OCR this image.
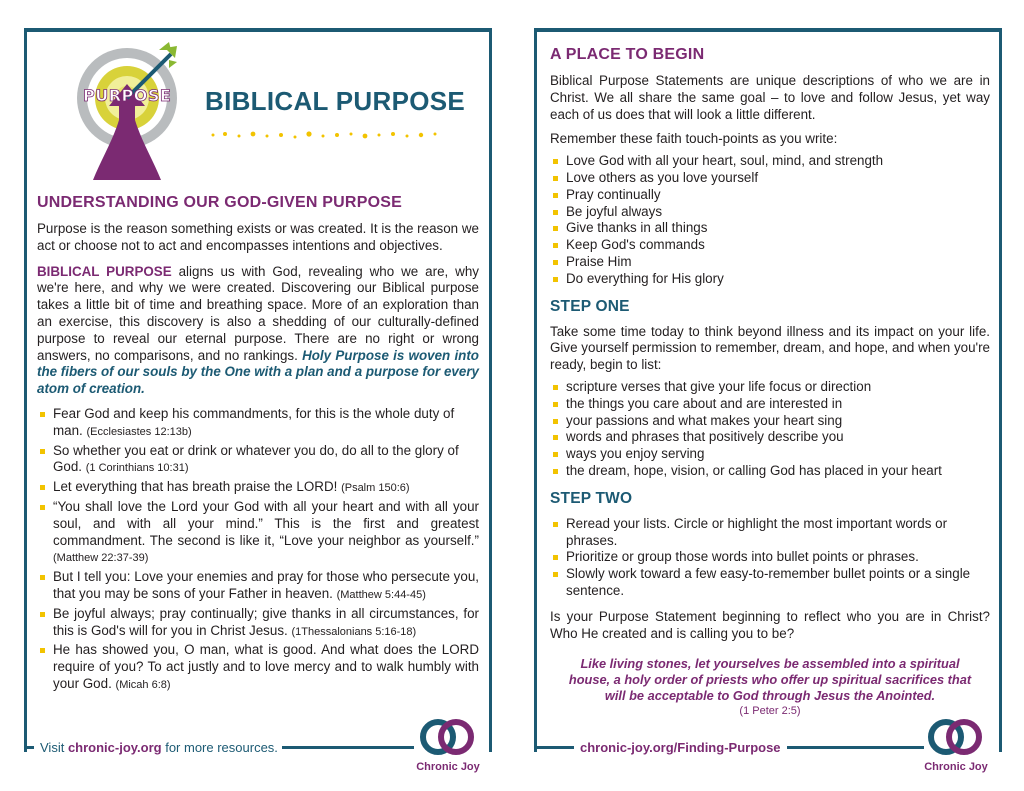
PURPOSE BIBLICAL PURPOSE
UNDERSTANDING OUR GOD-GIVEN PURPOSE

Purpose is the reason something exists or was created. It is the reason we act or choose not to act and encompasses intentions and objectives.

BIBLICAL PURPOSE aligns us with God, revealing who we are, why we're here, and why we were created. Discovering our Biblical purpose takes a little bit of time and breathing space. More of an exploration than an exercise, this discovery is also a shedding of our culturally-defined purpose to reveal our eternal purpose. There are no right or wrong answers, no comparisons, and no rankings. Holy Purpose is woven into the fibers of our souls by the One with a plan and a purpose for every atom of creation.

Fear God and keep his commandments, for this is the whole duty of man. (Ecclesiastes 12:13b)
So whether you eat or drink or whatever you do, do all to the glory of God. (1 Corinthians 10:31)
Let everything that has breath praise the LORD! (Psalm 150:6)
“You shall love the Lord your God with all your heart and with all your soul, and with all your mind.” This is the first and greatest commandment. The second is like it, “Love your neighbor as yourself.” (Matthew 22:37-39)
But I tell you: Love your enemies and pray for those who persecute you, that you may be sons of your Father in heaven. (Matthew 5:44-45)
Be joyful always; pray continually; give thanks in all circumstances, for this is God's will for you in Christ Jesus. (1Thessalonians 5:16-18)
He has showed you, O man, what is good. And what does the LORD require of you? To act justly and to love mercy and to walk humbly with your God. (Micah 6:8)
Visit chronic-joy.org for more resources.
Chronic Joy
A PLACE TO BEGIN

Biblical Purpose Statements are unique descriptions of who we are in Christ. We all share the same goal – to love and follow Jesus, yet way each of us does that will look a little different.

Remember these faith touch-points as you write:

Love God with all your heart, soul, mind, and strength
Love others as you love yourself
Pray continually
Be joyful always
Give thanks in all things
Keep God's commands
Praise Him
Do everything for His glory
STEP ONE

Take some time today to think beyond illness and its impact on your life. Give yourself permission to remember, dream, and hope, and when you're ready, begin to list:

scripture verses that give your life focus or direction
the things you care about and are interested in
your passions and what makes your heart sing
words and phrases that positively describe you
ways you enjoy serving
the dream, hope, vision, or calling God has placed in your heart
STEP TWO
Reread your lists. Circle or highlight the most important words or phrases.
Prioritize or group those words into bullet points or phrases.
Slowly work toward a few easy-to-remember bullet points or a single sentence.

Is your Purpose Statement beginning to reflect who you are in Christ? Who He created and is calling you to be?

Like living stones, let yourselves be assembled into a spiritual house, a holy order of priests who offer up spiritual sacrifices that will be acceptable to God through Jesus the Anointed.

(1 Peter 2:5)

chronic-joy.org/Finding-Purpose
Chronic Joy
